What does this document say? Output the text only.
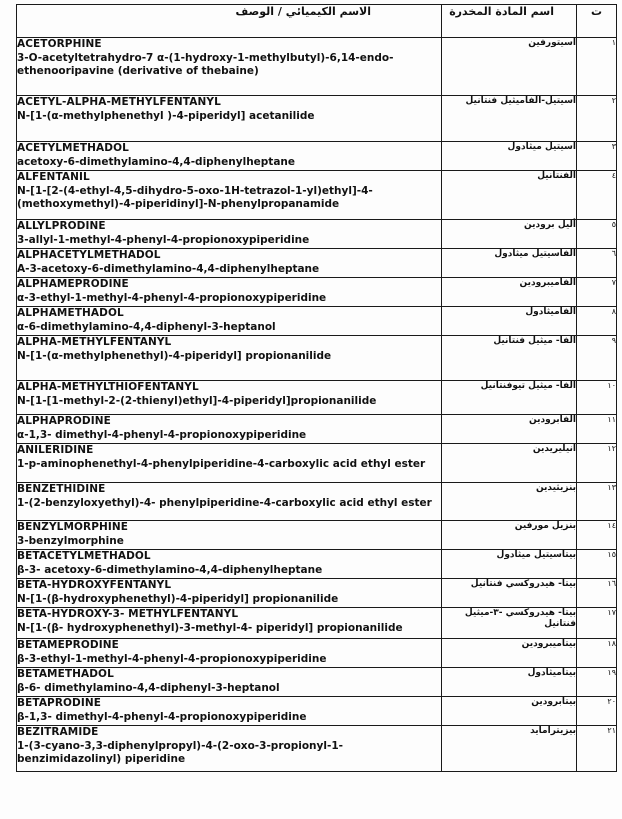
الاسم الكيميائي / الوصف	اسم المادة المخدرة	ت

ACETORPHINE
3-O-acetyltetrahydro-7 α-(1-hydroxy-1-methylbutyl)-6,14-endo-ethenooripavine (derivative of thebaine)	اسيتورفين	١

ACETYL-ALPHA-METHYLFENTANYL
N-[1-(α-methylphenethyl )-4-piperidyl] acetanilide	اسيتيل-الفاميثيل فنتانيل	٢

ACETYLMETHADOL
acetoxy-6-dimethylamino-4,4-diphenylheptane	اسيتيل ميثادول	٣

ALFENTANIL
N-[1-[2-(4-ethyl-4,5-dihydro-5-oxo-1H-tetrazol-1-yl)ethyl]-4-(methoxymethyl)-4-piperidinyl]-N-phenylpropanamide	الفنتانيل	٤

ALLYLPRODINE
3-allyl-1-methyl-4-phenyl-4-propionoxypiperidine	أليل برودين	٥

ALPHACETYLMETHADOL
A-3-acetoxy-6-dimethylamino-4,4-diphenylheptane	الفاسيتيل ميثادول	٦

ALPHAMEPRODINE
α-3-ethyl-1-methyl-4-phenyl-4-propionoxypiperidine	الفاميبرودين	٧

ALPHAMETHADOL
α-6-dimethylamino-4,4-diphenyl-3-heptanol	الفاميثادول	٨

ALPHA-METHYLFENTANYL
N-[1-(α-methylphenethyl)-4-piperidyl] propionanilide	الفا- ميثيل فنتانيل	٩

ALPHA-METHYLTHIOFENTANYL
N-[1-[1-methyl-2-(2-thienyl)ethyl]-4-piperidyl]propionanilide	الفا- ميثيل تيوفنتانيل	١٠

ALPHAPRODINE
α-1,3- dimethyl-4-phenyl-4-propionoxypiperidine	الفابرودين	١١

ANILERIDINE
1-p-aminophenethyl-4-phenylpiperidine-4-carboxylic acid ethyl ester	انيليريدين	١٢

BENZETHIDINE
1-(2-benzyloxyethyl)-4- phenylpiperidine-4-carboxylic acid ethyl ester	بنزيثيدين	١٣

BENZYLMORPHINE
3-benzylmorphine	بنزيل مورفين	١٤

BETACETYLMETHADOL
β-3- acetoxy-6-dimethylamino-4,4-diphenylheptane	بيتاسيتيل ميثادول	١٥

BETA-HYDROXYFENTANYL
N-[1-(β-hydroxyphenethyl)-4-piperidyl] propionanilide	بيتا- هيدروكسي فنتانيل	١٦

BETA-HYDROXY-3- METHYLFENTANYL
N-[1-(β- hydroxyphenethyl)-3-methyl-4- piperidyl] propionanilide	بيتا- هيدروكسي -٣-ميثيل فنتانيل	١٧

BETAMEPRODINE
β-3-ethyl-1-methyl-4-phenyl-4-propionoxypiperidine	بيتاميبرودين	١٨

BETAMETHADOL
β-6- dimethylamino-4,4-diphenyl-3-heptanol	بيتاميثادول	١٩

BETAPRODINE
β-1,3- dimethyl-4-phenyl-4-propionoxypiperidine	بيتابرودين	٢٠

BEZITRAMIDE
1-(3-cyano-3,3-diphenylpropyl)-4-(2-oxo-3-propionyl-1-benzimidazolinyl) piperidine	بيزيترامايد	٢١
